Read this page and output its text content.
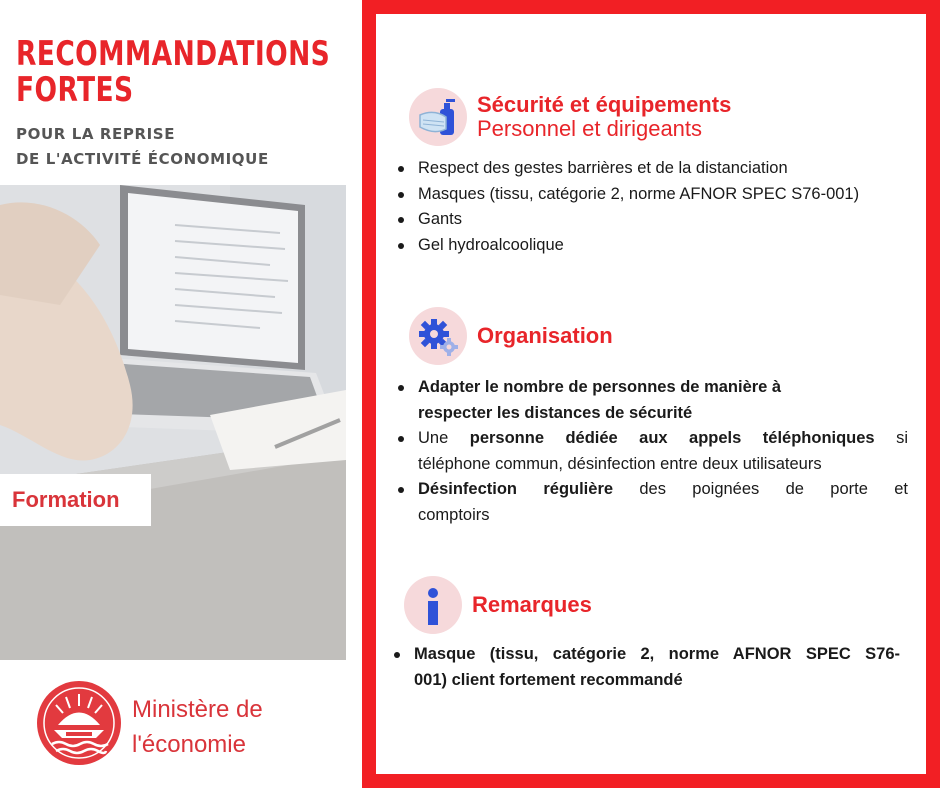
RECOMMANDATIONS
FORTES
POUR LA REPRISE
DE L'ACTIVITÉ ÉCONOMIQUE
Formation
Ministère de
l'économie
Sécurité et équipements
Personnel et dirigeants
Respect des gestes barrières et de la distanciation
Masques (tissu, catégorie 2, norme AFNOR SPEC S76-001)
Gants
Gel hydroalcoolique
Organisation
Adapter le nombre de personnes de manière à
respecter les distances de sécurité
Une personne dédiée aux appels téléphoniques si
téléphone commun, désinfection entre deux utilisateurs
Désinfection régulière des poignées de porte et
comptoirs
Remarques
Masque (tissu, catégorie 2, norme AFNOR SPEC S76-
001) client fortement recommandé
